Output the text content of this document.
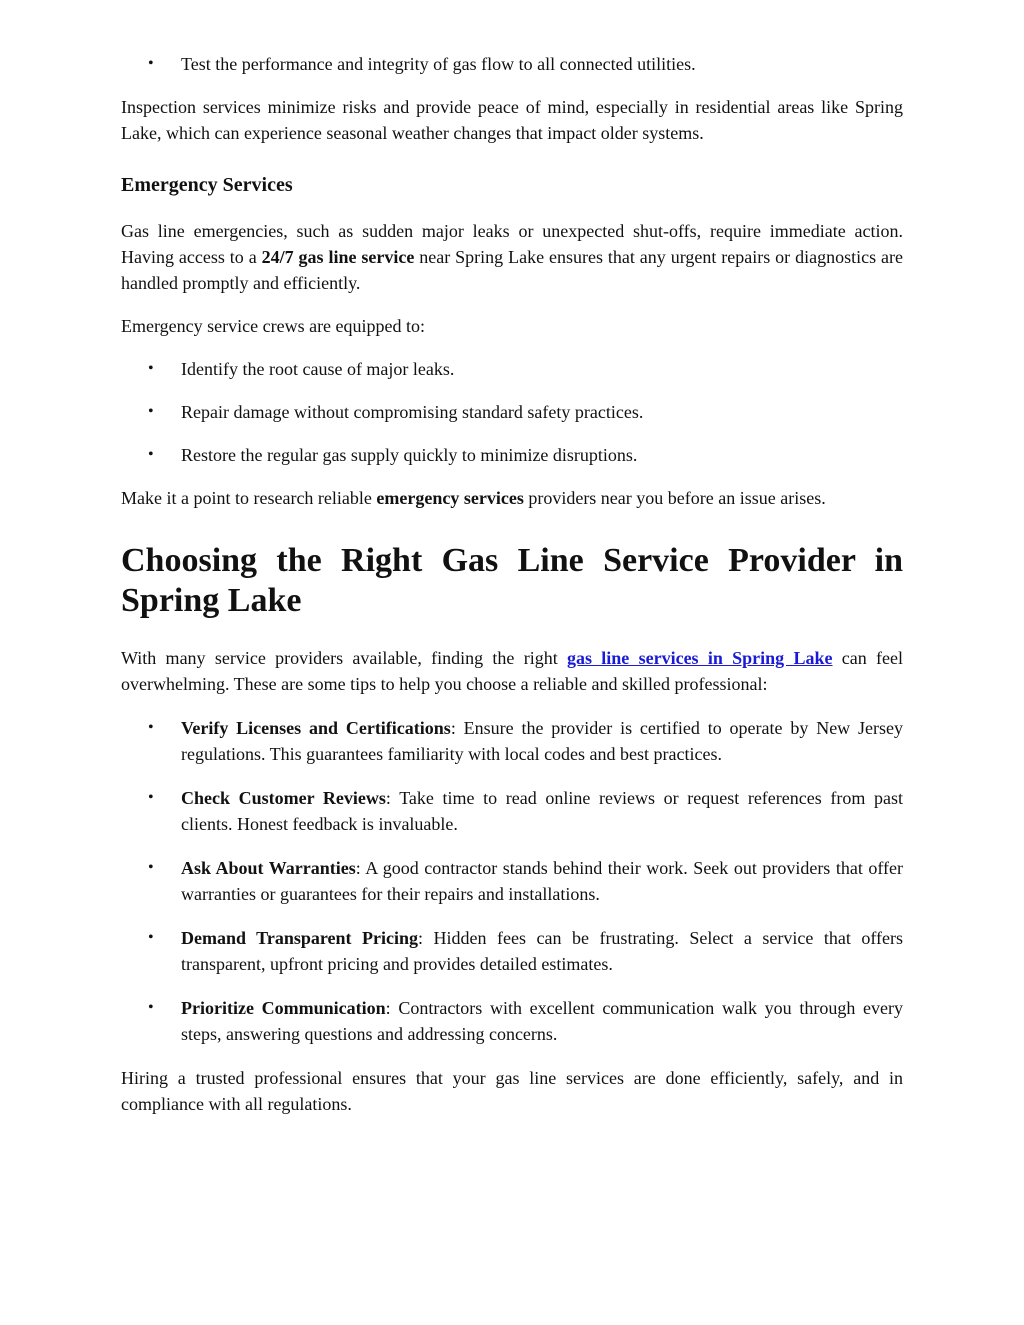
• Test the performance and integrity of gas flow to all connected utilities.

Inspection services minimize risks and provide peace of mind, especially in residential areas like Spring Lake, which can experience seasonal weather changes that impact older systems.

Emergency Services

Gas line emergencies, such as sudden major leaks or unexpected shut-offs, require immediate action. Having access to a 24/7 gas line service near Spring Lake ensures that any urgent repairs or diagnostics are handled promptly and efficiently.

Emergency service crews are equipped to:

• Identify the root cause of major leaks.
• Repair damage without compromising standard safety practices.
• Restore the regular gas supply quickly to minimize disruptions.

Make it a point to research reliable emergency services providers near you before an issue arises.

Choosing the Right Gas Line Service Provider in Spring Lake

With many service providers available, finding the right gas line services in Spring Lake can feel overwhelming. These are some tips to help you choose a reliable and skilled professional:

• Verify Licenses and Certifications: Ensure the provider is certified to operate by New Jersey regulations. This guarantees familiarity with local codes and best practices.
• Check Customer Reviews: Take time to read online reviews or request references from past clients. Honest feedback is invaluable.
• Ask About Warranties: A good contractor stands behind their work. Seek out providers that offer warranties or guarantees for their repairs and installations.
• Demand Transparent Pricing: Hidden fees can be frustrating. Select a service that offers transparent, upfront pricing and provides detailed estimates.
• Prioritize Communication: Contractors with excellent communication walk you through every steps, answering questions and addressing concerns.

Hiring a trusted professional ensures that your gas line services are done efficiently, safely, and in compliance with all regulations.
